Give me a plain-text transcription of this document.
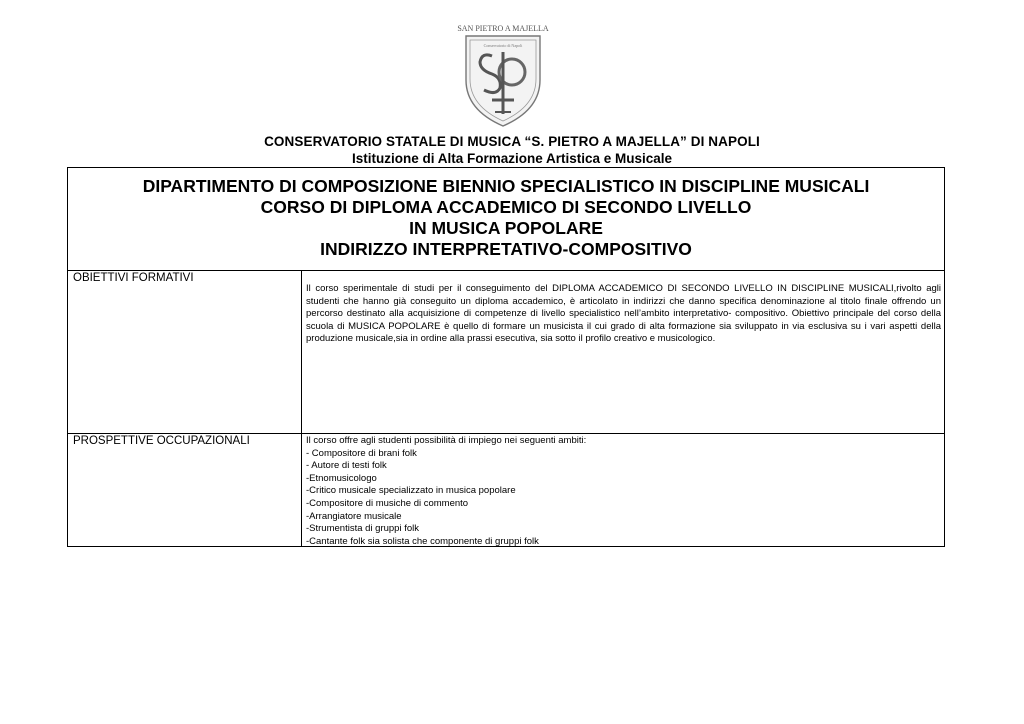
SAN PIETRO A MAJELLA
Conservatorio di Napoli
CONSERVATORIO STATALE DI MUSICA “S. PIETRO A MAJELLA” DI NAPOLI
Istituzione di Alta Formazione Artistica e Musicale
DIPARTIMENTO DI COMPOSIZIONE BIENNIO SPECIALISTICO IN DISCIPLINE MUSICALI
CORSO DI DIPLOMA ACCADEMICO DI SECONDO LIVELLO
IN MUSICA POPOLARE
INDIRIZZO INTERPRETATIVO-COMPOSITIVO
OBIETTIVI FORMATIVI

Il corso sperimentale di studi per il conseguimento del DIPLOMA ACCADEMICO DI SECONDO LIVELLO IN DISCIPLINE MUSICALI,rivolto agli studenti che hanno già conseguito un diploma accademico, è articolato in indirizzi che danno specifica denominazione al titolo finale offrendo un percorso destinato alla acquisizione di competenze di livello specialistico nell’ambito interpretativo- compositivo. Obiettivo principale del corso della scuola di MUSICA POPOLARE è quello di formare un musicista il cui grado di alta formazione sia sviluppato in via esclusiva su i vari aspetti della produzione musicale,sia in ordine alla prassi esecutiva, sia sotto il profilo creativo e musicologico.

PROSPETTIVE OCCUPAZIONALI	Il corso offre agli studenti possibilità di impiego nei seguenti ambiti:
- Compositore di brani folk
- Autore di testi folk
-Etnomusicologo
-Critico musicale specializzato in musica popolare
-Compositore di musiche di commento
-Arrangiatore musicale
-Strumentista di gruppi folk
-Cantante folk sia solista che componente di gruppi folk
